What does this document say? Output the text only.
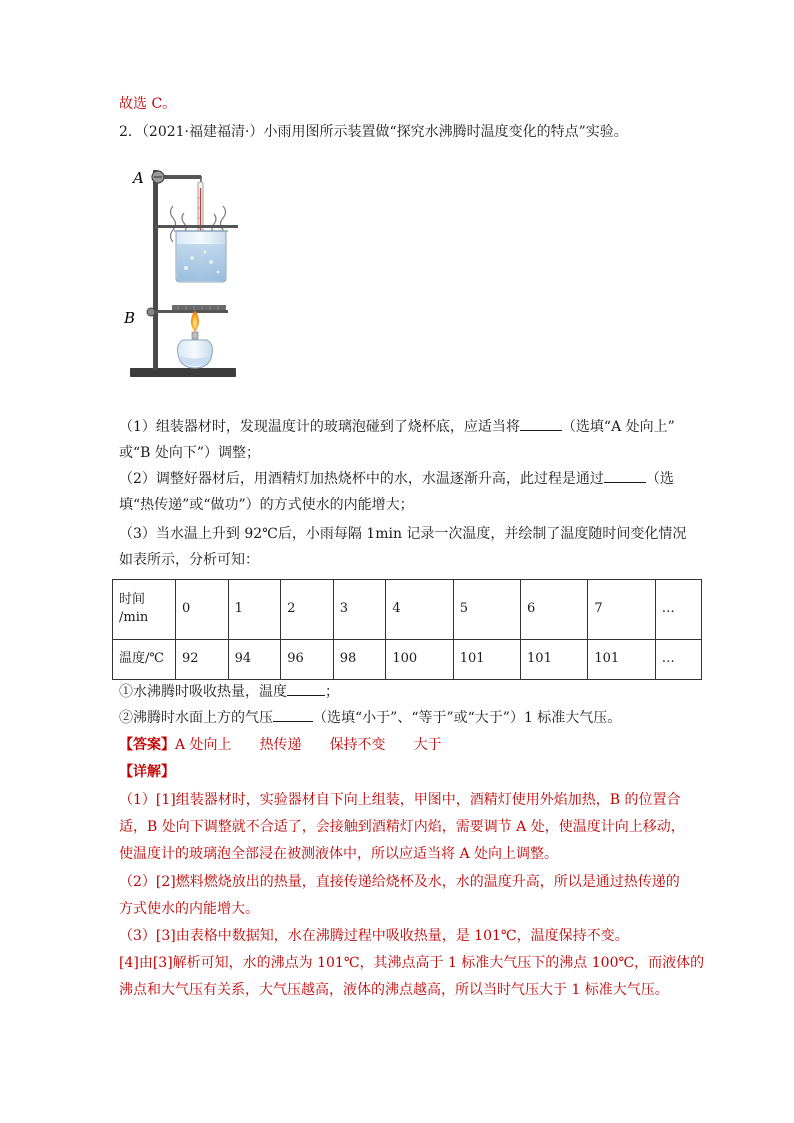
故选 C。
2．（2021·福建福清·）小雨用图所示装置做“探究水沸腾时温度变化的特点”实验。
A
B
（1）组装器材时，发现温度计的玻璃泡碰到了烧杯底，应适当将	（选填“A 处向上”
或“B 处向下”）调整；
（2）调整好器材后，用酒精灯加热烧杯中的水，水温逐渐升高，此过程是通过	（选
填“热传递”或“做功”）的方式使水的内能增大；
（3）当水温上升到 92℃后，小雨每隔 1min 记录一次温度，并绘制了温度随时间变化情况
如表所示，分析可知：
时间
/min	0	1	2	3	4	5	6	7	…
温度/℃	92	94	96	98	100	101	101	101	…
①水沸腾时吸收热量，温度	；
②沸腾时水面上方的气压	（选填“小于”、“等于”或“大于”）1 标准大气压。
【答案】A 处向上 热传递 保持不变 大于
【详解】
（1）[1]组装器材时，实验器材自下向上组装，甲图中，酒精灯使用外焰加热，B 的位置合
适，B 处向下调整就不合适了，会接触到酒精灯内焰，需要调节 A 处，使温度计向上移动，
使温度计的玻璃泡全部浸在被测液体中，所以应适当将 A 处向上调整。
（2）[2]燃料燃烧放出的热量，直接传递给烧杯及水，水的温度升高，所以是通过热传递的
方式使水的内能增大。
（3）[3]由表格中数据知，水在沸腾过程中吸收热量，是 101℃，温度保持不变。
[4]由[3]解析可知，水的沸点为 101℃，其沸点高于 1 标准大气压下的沸点 100℃，而液体的
沸点和大气压有关系，大气压越高，液体的沸点越高，所以当时气压大于 1 标准大气压。
